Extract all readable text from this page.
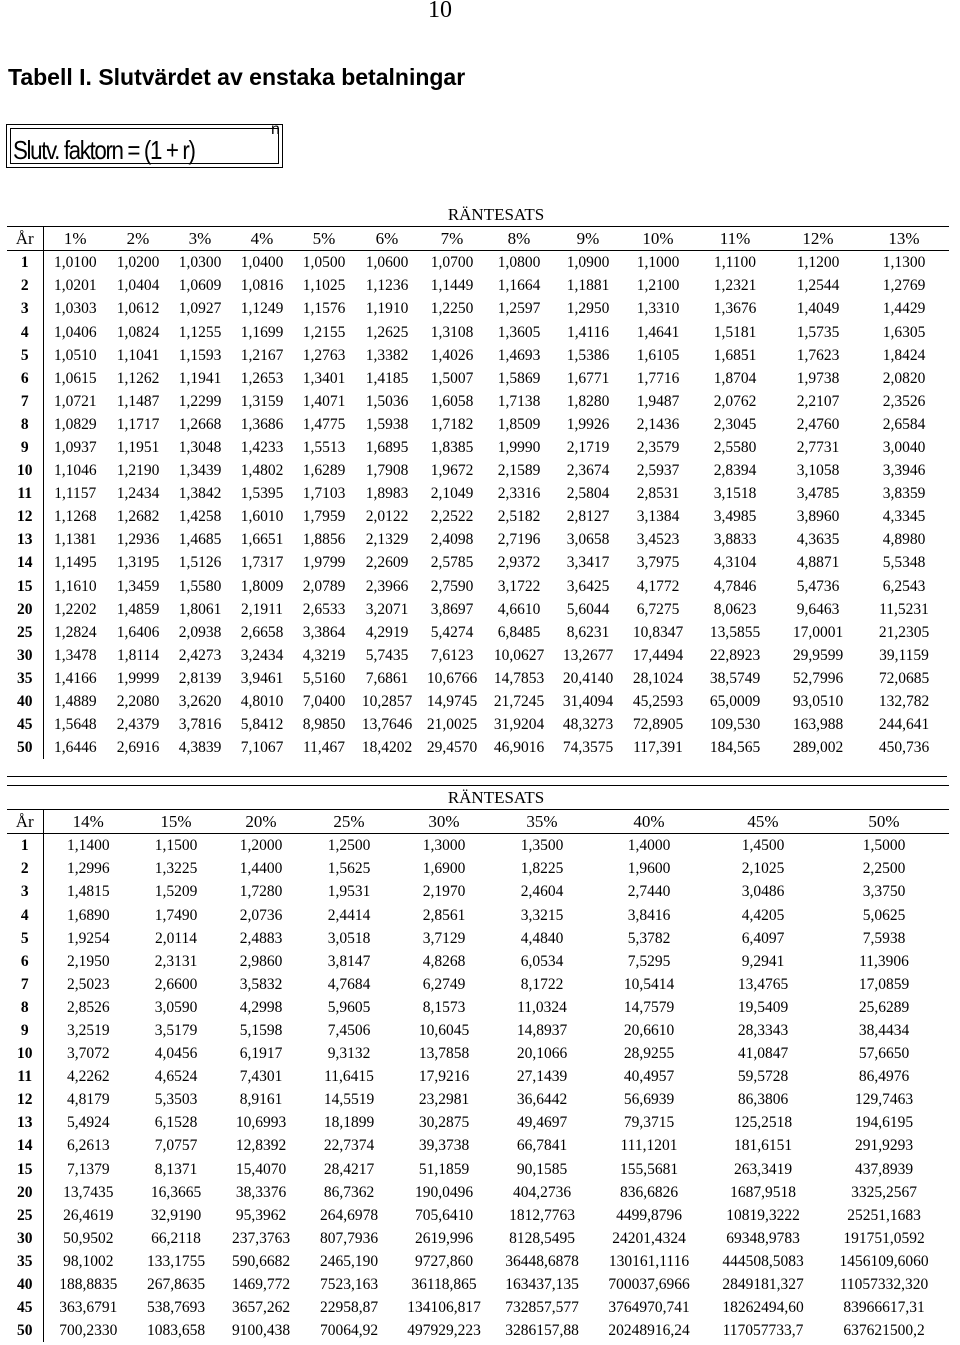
10
Tabell I. Slutvärdet av enstaka betalningar
Slutv. faktorn = (1 + r)
n
	RÄNTESATS												
År	1%	2%	3%	4%	5%	6%	7%	8%	9%	10%	11%	12%	13%
1	1,0100	1,0200	1,0300	1,0400	1,0500	1,0600	1,0700	1,0800	1,0900	1,1000	1,1100	1,1200	1,1300
2	1,0201	1,0404	1,0609	1,0816	1,1025	1,1236	1,1449	1,1664	1,1881	1,2100	1,2321	1,2544	1,2769
3	1,0303	1,0612	1,0927	1,1249	1,1576	1,1910	1,2250	1,2597	1,2950	1,3310	1,3676	1,4049	1,4429
4	1,0406	1,0824	1,1255	1,1699	1,2155	1,2625	1,3108	1,3605	1,4116	1,4641	1,5181	1,5735	1,6305
5	1,0510	1,1041	1,1593	1,2167	1,2763	1,3382	1,4026	1,4693	1,5386	1,6105	1,6851	1,7623	1,8424
6	1,0615	1,1262	1,1941	1,2653	1,3401	1,4185	1,5007	1,5869	1,6771	1,7716	1,8704	1,9738	2,0820
7	1,0721	1,1487	1,2299	1,3159	1,4071	1,5036	1,6058	1,7138	1,8280	1,9487	2,0762	2,2107	2,3526
8	1,0829	1,1717	1,2668	1,3686	1,4775	1,5938	1,7182	1,8509	1,9926	2,1436	2,3045	2,4760	2,6584
9	1,0937	1,1951	1,3048	1,4233	1,5513	1,6895	1,8385	1,9990	2,1719	2,3579	2,5580	2,7731	3,0040
10	1,1046	1,2190	1,3439	1,4802	1,6289	1,7908	1,9672	2,1589	2,3674	2,5937	2,8394	3,1058	3,3946
11	1,1157	1,2434	1,3842	1,5395	1,7103	1,8983	2,1049	2,3316	2,5804	2,8531	3,1518	3,4785	3,8359
12	1,1268	1,2682	1,4258	1,6010	1,7959	2,0122	2,2522	2,5182	2,8127	3,1384	3,4985	3,8960	4,3345
13	1,1381	1,2936	1,4685	1,6651	1,8856	2,1329	2,4098	2,7196	3,0658	3,4523	3,8833	4,3635	4,8980
14	1,1495	1,3195	1,5126	1,7317	1,9799	2,2609	2,5785	2,9372	3,3417	3,7975	4,3104	4,8871	5,5348
15	1,1610	1,3459	1,5580	1,8009	2,0789	2,3966	2,7590	3,1722	3,6425	4,1772	4,7846	5,4736	6,2543
20	1,2202	1,4859	1,8061	2,1911	2,6533	3,2071	3,8697	4,6610	5,6044	6,7275	8,0623	9,6463	11,5231
25	1,2824	1,6406	2,0938	2,6658	3,3864	4,2919	5,4274	6,8485	8,6231	10,8347	13,5855	17,0001	21,2305
30	1,3478	1,8114	2,4273	3,2434	4,3219	5,7435	7,6123	10,0627	13,2677	17,4494	22,8923	29,9599	39,1159
35	1,4166	1,9999	2,8139	3,9461	5,5160	7,6861	10,6766	14,7853	20,4140	28,1024	38,5749	52,7996	72,0685
40	1,4889	2,2080	3,2620	4,8010	7,0400	10,2857	14,9745	21,7245	31,4094	45,2593	65,0009	93,0510	132,782
45	1,5648	2,4379	3,7816	5,8412	8,9850	13,7646	21,0025	31,9204	48,3273	72,8905	109,530	163,988	244,641
50	1,6446	2,6916	4,3839	7,1067	11,467	18,4202	29,4570	46,9016	74,3575	117,391	184,565	289,002	450,736
	RÄNTESATS								
År	14%	15%	20%	25%	30%	35%	40%	45%	50%
1	1,1400	1,1500	1,2000	1,2500	1,3000	1,3500	1,4000	1,4500	1,5000
2	1,2996	1,3225	1,4400	1,5625	1,6900	1,8225	1,9600	2,1025	2,2500
3	1,4815	1,5209	1,7280	1,9531	2,1970	2,4604	2,7440	3,0486	3,3750
4	1,6890	1,7490	2,0736	2,4414	2,8561	3,3215	3,8416	4,4205	5,0625
5	1,9254	2,0114	2,4883	3,0518	3,7129	4,4840	5,3782	6,4097	7,5938
6	2,1950	2,3131	2,9860	3,8147	4,8268	6,0534	7,5295	9,2941	11,3906
7	2,5023	2,6600	3,5832	4,7684	6,2749	8,1722	10,5414	13,4765	17,0859
8	2,8526	3,0590	4,2998	5,9605	8,1573	11,0324	14,7579	19,5409	25,6289
9	3,2519	3,5179	5,1598	7,4506	10,6045	14,8937	20,6610	28,3343	38,4434
10	3,7072	4,0456	6,1917	9,3132	13,7858	20,1066	28,9255	41,0847	57,6650
11	4,2262	4,6524	7,4301	11,6415	17,9216	27,1439	40,4957	59,5728	86,4976
12	4,8179	5,3503	8,9161	14,5519	23,2981	36,6442	56,6939	86,3806	129,7463
13	5,4924	6,1528	10,6993	18,1899	30,2875	49,4697	79,3715	125,2518	194,6195
14	6,2613	7,0757	12,8392	22,7374	39,3738	66,7841	111,1201	181,6151	291,9293
15	7,1379	8,1371	15,4070	28,4217	51,1859	90,1585	155,5681	263,3419	437,8939
20	13,7435	16,3665	38,3376	86,7362	190,0496	404,2736	836,6826	1687,9518	3325,2567
25	26,4619	32,9190	95,3962	264,6978	705,6410	1812,7763	4499,8796	10819,3222	25251,1683
30	50,9502	66,2118	237,3763	807,7936	2619,996	8128,5495	24201,4324	69348,9783	191751,0592
35	98,1002	133,1755	590,6682	2465,190	9727,860	36448,6878	130161,1116	444508,5083	1456109,6060
40	188,8835	267,8635	1469,772	7523,163	36118,865	163437,135	700037,6966	2849181,327	11057332,320
45	363,6791	538,7693	3657,262	22958,87	134106,817	732857,577	3764970,741	18262494,60	83966617,31
50	700,2330	1083,658	9100,438	70064,92	497929,223	3286157,88	20248916,24	117057733,7	637621500,2
